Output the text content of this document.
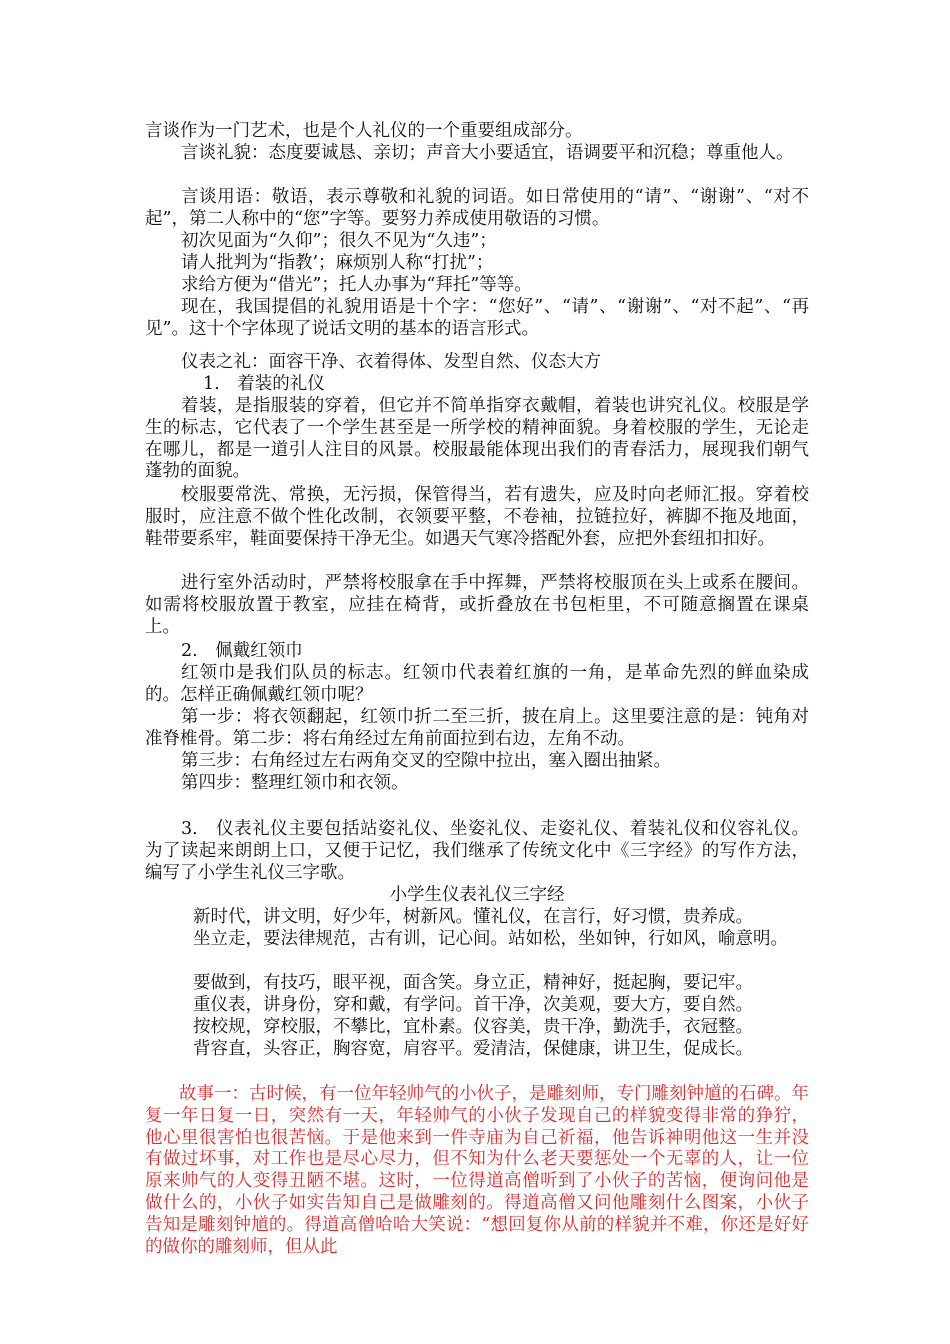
言谈作为一门艺术，也是个人礼仪的一个重要组成部分。

言谈礼貌：态度要诚恳、亲切；声音大小要适宜，语调要平和沉稳；尊重他人。

言谈用语：敬语，表示尊敬和礼貌的词语。如日常使用的“请”、“谢谢”、“对不起”，第二人称中的“您”字等。要努力养成使用敬语的习惯。

初次见面为“久仰”；很久不见为“久违”；

请人批判为“指教’；麻烦别人称“打扰”；

求给方便为“借光”；托人办事为“拜托”等等。

现在，我国提倡的礼貌用语是十个字：“您好”、“请”、“谢谢”、“对不起”、“再见”。这十个字体现了说话文明的基本的语言形式。

仪表之礼：面容干净、衣着得体、发型自然、仪态大方

1.　着装的礼仪

着装，是指服装的穿着，但它并不简单指穿衣戴帽，着装也讲究礼仪。校服是学生的标志，它代表了一个学生甚至是一所学校的精神面貌。身着校服的学生，无论走在哪儿，都是一道引人注目的风景。校服最能体现出我们的青春活力，展现我们朝气蓬勃的面貌。

校服要常洗、常换，无污损，保管得当，若有遗失，应及时向老师汇报。穿着校服时，应注意不做个性化改制，衣领要平整，不卷袖，拉链拉好，裤脚不拖及地面，鞋带要系牢，鞋面要保持干净无尘。如遇天气寒冷搭配外套，应把外套纽扣扣好。

进行室外活动时，严禁将校服拿在手中挥舞，严禁将校服顶在头上或系在腰间。如需将校服放置于教室，应挂在椅背，或折叠放在书包柜里，不可随意搁置在课桌上。

2.　佩戴红领巾

红领巾是我们队员的标志。红领巾代表着红旗的一角，是革命先烈的鲜血染成的。怎样正确佩戴红领巾呢？

第一步：将衣领翻起，红领巾折二至三折，披在肩上。这里要注意的是：钝角对准脊椎骨。第二步：将右角经过左角前面拉到右边，左角不动。

第三步：右角经过左右两角交叉的空隙中拉出，塞入圈出抽紧。

第四步：整理红领巾和衣领。

3.　仪表礼仪主要包括站姿礼仪、坐姿礼仪、走姿礼仪、着装礼仪和仪容礼仪。为了读起来朗朗上口，又便于记忆，我们继承了传统文化中《三字经》的写作方法，编写了小学生礼仪三字歌。

小学生仪表礼仪三字经

新时代，讲文明，好少年，树新风。懂礼仪，在言行，好习惯，贵养成。

坐立走，要法律规范，古有训，记心间。站如松，坐如钟，行如风，喻意明。

要做到，有技巧，眼平视，面含笑。身立正，精神好，挺起胸，要记牢。

重仪表，讲身份，穿和戴，有学问。首干净，次美观，要大方，要自然。

按校规，穿校服，不攀比，宜朴素。仪容美，贵干净，勤洗手，衣冠整。

背容直，头容正，胸容宽，肩容平。爱清洁，保健康，讲卫生，促成长。

故事一：古时候，有一位年轻帅气的小伙子，是雕刻师，专门雕刻钟馗的石碑。年复一年日复一日，突然有一天，年轻帅气的小伙子发现自己的样貌变得非常的狰狞，他心里很害怕也很苦恼。于是他来到一件寺庙为自己祈福，他告诉神明他这一生并没有做过坏事，对工作也是尽心尽力，但不知为什么老天要惩处一个无辜的人，让一位原来帅气的人变得丑陋不堪。这时，一位得道高僧听到了小伙子的苦恼，便询问他是做什么的，小伙子如实告知自己是做雕刻的。得道高僧又问他雕刻什么图案，小伙子告知是雕刻钟馗的。得道高僧哈哈大笑说：“想回复你从前的样貌并不难，你还是好好的做你的雕刻师，但从此
